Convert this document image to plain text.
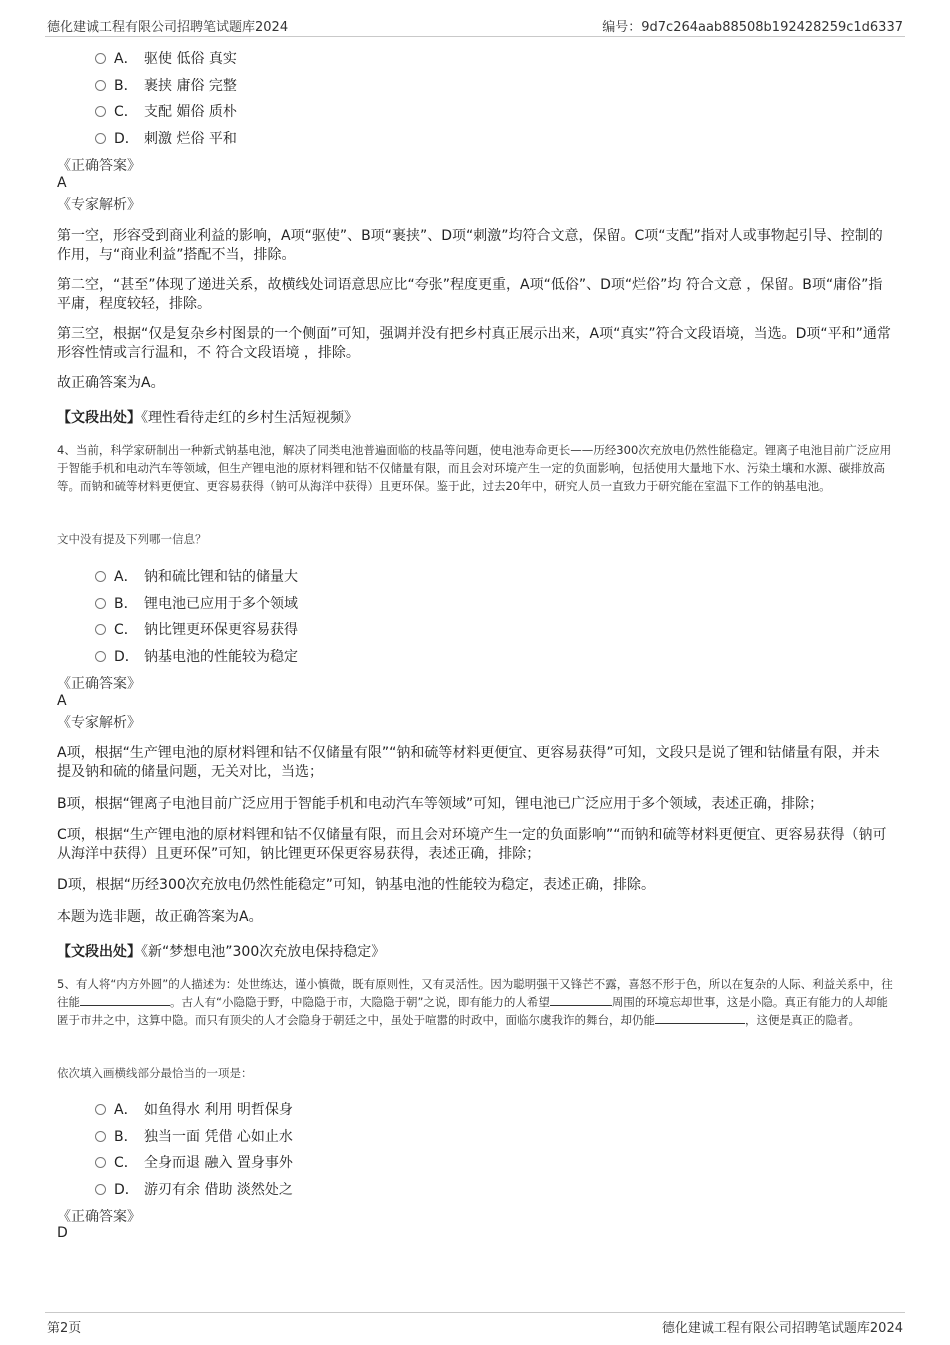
德化建诚工程有限公司招聘笔试题库2024	编号：9d7c264aab88508b192428259c1d6337
A． 驱使 低俗 真实
B． 裹挟 庸俗 完整
C． 支配 媚俗 质朴
D． 刺激 烂俗 平和
《正确答案》
A
《专家解析》
第一空，形容受到商业利益的影响，A项“驱使”、B项“裹挟”、D项“刺激”均符合文意，保留。C项“支配”指对人或事物起引导、控制的作用，与“商业利益”搭配不当，排除。
第二空，“甚至”体现了递进关系，故横线处词语意思应比“夸张”程度更重，A项“低俗”、D项“烂俗”均 符合文意 ，保留。B项“庸俗”指平庸，程度较轻，排除。
第三空，根据“仅是复杂乡村图景的一个侧面”可知，强调并没有把乡村真正展示出来，A项“真实”符合文段语境，当选。D项“平和”通常形容性情或言行温和，不 符合文段语境 ，排除。
故正确答案为A。
【文段出处】《理性看待走红的乡村生活短视频》
4、当前，科学家研制出一种新式钠基电池，解决了同类电池普遍面临的枝晶等问题，使电池寿命更长——历经300次充放电仍然性能稳定。锂离子电池目前广泛应用于智能手机和电动汽车等领域，但生产锂电池的原材料锂和钴不仅储量有限，而且会对环境产生一定的负面影响，包括使用大量地下水、污染土壤和水源、碳排放高等。而钠和硫等材料更便宜、更容易获得（钠可从海洋中获得）且更环保。鉴于此，过去20年中，研究人员一直致力于研究能在室温下工作的钠基电池。
文中没有提及下列哪一信息？
A． 钠和硫比锂和钴的储量大
B． 锂电池已应用于多个领域
C． 钠比锂更环保更容易获得
D． 钠基电池的性能较为稳定
《正确答案》
A
《专家解析》
A项，根据“生产锂电池的原材料锂和钴不仅储量有限”“钠和硫等材料更便宜、更容易获得”可知，文段只是说了锂和钴储量有限，并未提及钠和硫的储量问题，无关对比，当选；
B项，根据“锂离子电池目前广泛应用于智能手机和电动汽车等领域”可知，锂电池已广泛应用于多个领域，表述正确，排除；
C项，根据“生产锂电池的原材料锂和钴不仅储量有限，而且会对环境产生一定的负面影响”“而钠和硫等材料更便宜、更容易获得（钠可从海洋中获得）且更环保”可知，钠比锂更环保更容易获得，表述正确，排除；
D项，根据“历经300次充放电仍然性能稳定”可知，钠基电池的性能较为稳定，表述正确，排除。
本题为选非题，故正确答案为A。
【文段出处】《新“梦想电池”300次充放电保持稳定》
5、有人将“内方外圆”的人描述为：处世练达，谨小慎微，既有原则性，又有灵活性。因为聪明强干又锋芒不露，喜怒不形于色，所以在复杂的人际、利益关系中，往往能	。古人有“小隐隐于野，中隐隐于市，大隐隐于朝”之说，即有能力的人希望	周围的环境忘却世事，这是小隐。真正有能力的人却能匿于市井之中，这算中隐。而只有顶尖的人才会隐身于朝廷之中，虽处于喧嚣的时政中，面临尔虞我诈的舞台，却仍能	，这便是真正的隐者。
依次填入画横线部分最恰当的一项是：
A． 如鱼得水 利用 明哲保身
B． 独当一面 凭借 心如止水
C． 全身而退 融入 置身事外
D． 游刃有余 借助 淡然处之
《正确答案》
D
第2页	德化建诚工程有限公司招聘笔试题库2024
